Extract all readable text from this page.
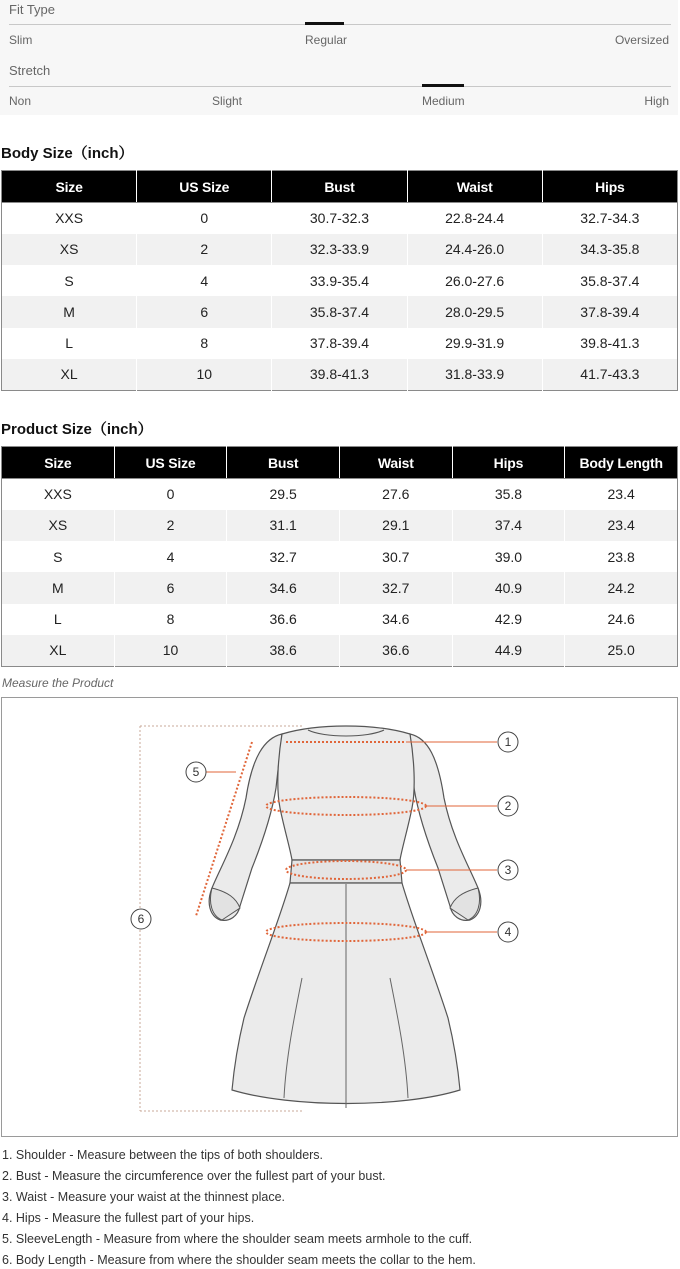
Fit Type
Slim	Regular	Oversized
Stretch
Non	Slight	Medium	High
Body Size（inch）
Size	US Size	Bust	Waist	Hips
XXS	0	30.7-32.3	22.8-24.4	32.7-34.3
XS	2	32.3-33.9	24.4-26.0	34.3-35.8
S	4	33.9-35.4	26.0-27.6	35.8-37.4
M	6	35.8-37.4	28.0-29.5	37.8-39.4
L	8	37.8-39.4	29.9-31.9	39.8-41.3
XL	10	39.8-41.3	31.8-33.9	41.7-43.3
Product Size（inch）
Size	US Size	Bust	Waist	Hips	Body Length
XXS	0	29.5	27.6	35.8	23.4
XS	2	31.1	29.1	37.4	23.4
S	4	32.7	30.7	39.0	23.8
M	6	34.6	32.7	40.9	24.2
L	8	36.6	34.6	42.9	24.6
XL	10	38.6	36.6	44.9	25.0
Measure the Product
1
2
3
4
5
6
1. Shoulder - Measure between the tips of both shoulders.
2. Bust - Measure the circumference over the fullest part of your bust.
3. Waist - Measure your waist at the thinnest place.
4. Hips - Measure the fullest part of your hips.
5. SleeveLength - Measure from where the shoulder seam meets armhole to the cuff.
6. Body Length - Measure from where the shoulder seam meets the collar to the hem.
